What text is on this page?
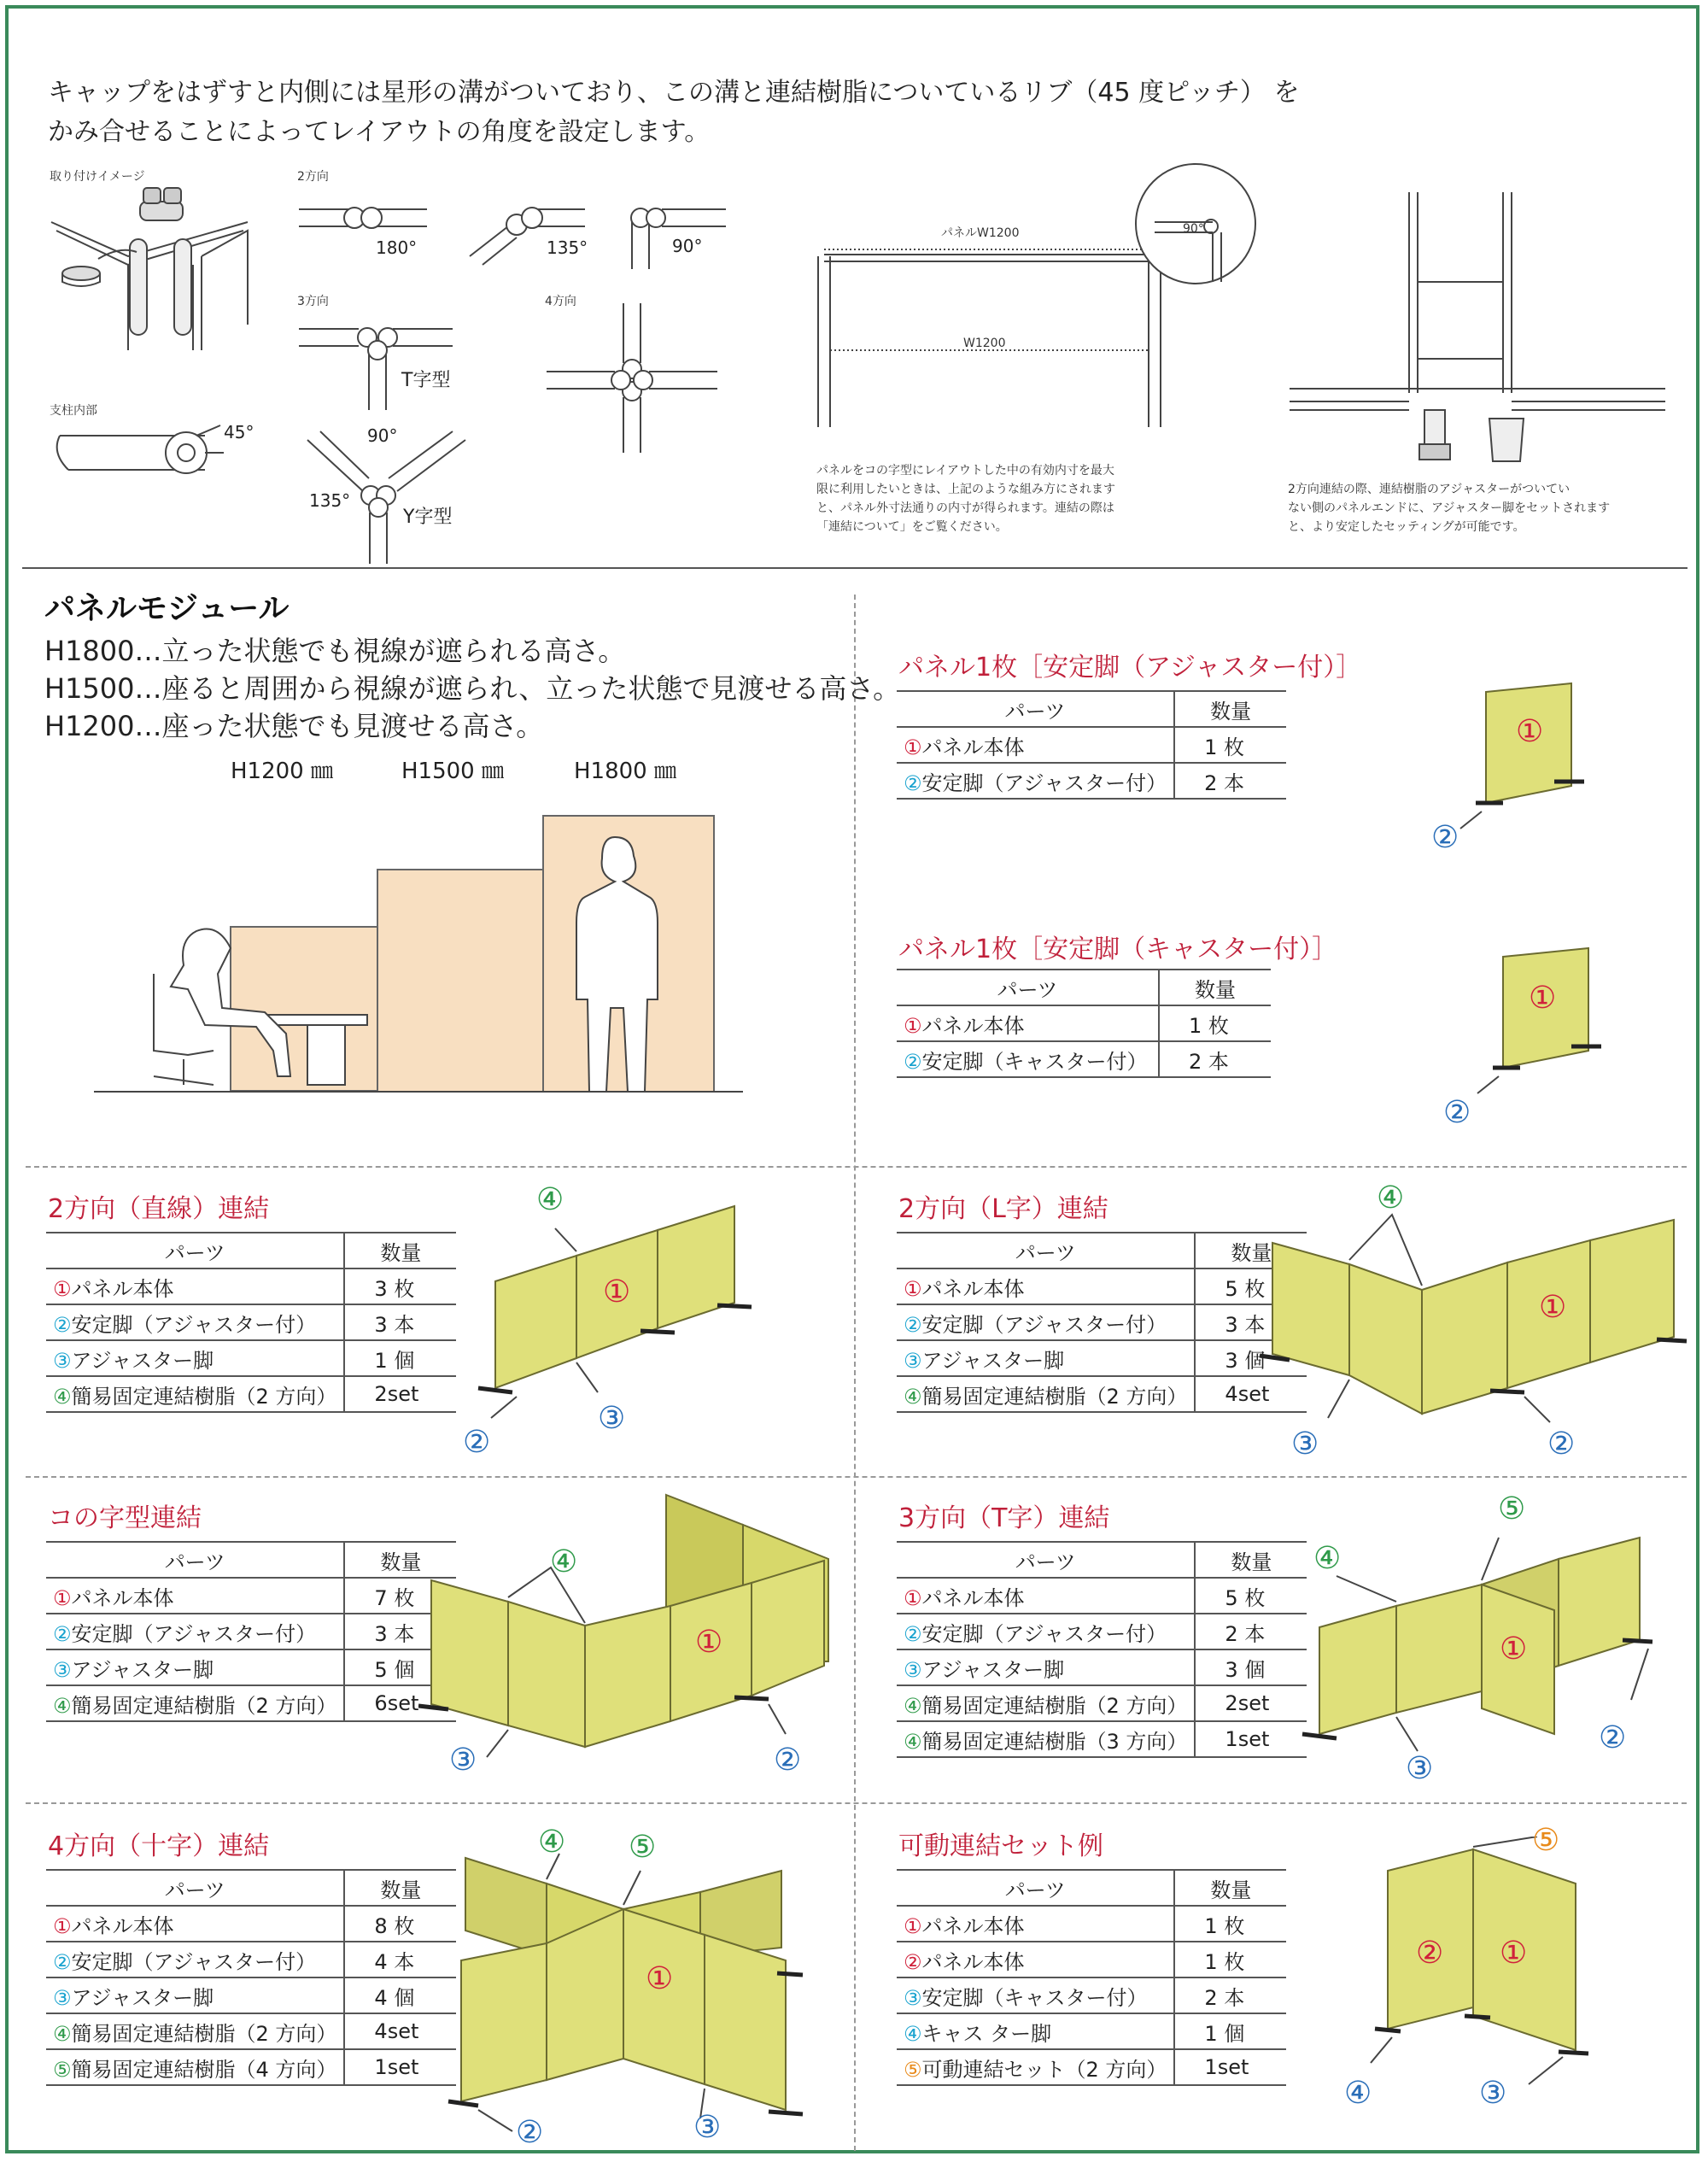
キャップをはずすと内側には星形の溝がついており、この溝と連結樹脂についているリブ（45 度ピッチ） を
かみ合せることによってレイアウトの角度を設定します。
取り付けイメージ	2方向
3方向	4方向
支柱内部
180°	135°	90°
45°
T字型
Y字型
90°
135°
パネルW1200
W1200
90°
パネルをコの字型にレイアウトした中の有効内寸を最大
限に利用したいときは、上記のような組み方にされます
と、パネル外寸法通りの内寸が得られます。連結の際は
「連結について」をご覧ください。
2方向連結の際、連結樹脂のアジャスターがついてい
ない側のパネルエンドに、アジャスター脚をセットされます
と、より安定したセッティングが可能です。
パネルモジュール
H1800…立った状態でも視線が遮られる高さ。
H1500…座ると周囲から視線が遮られ、立った状態で見渡せる高さ。
H1200…座った状態でも見渡せる高さ。
H1200 ㎜	H1500 ㎜	H1800 ㎜
パネル1枚［安定脚（アジャスター付）］
パーツ	数量
①パネル本体	1 枚
②安定脚（アジャスター付）	2 本
①
②
パネル1枚［安定脚（キャスター付）］
パーツ	数量
①パネル本体	1 枚
②安定脚（キャスター付）	2 本
①
②
2方向（直線）連結
パーツ	数量
①パネル本体	3 枚
②安定脚（アジャスター付）	3 本
③アジャスター脚	1 個
④簡易固定連結樹脂（2 方向）	2set
④
①
②
③
2方向（L字）連結
パーツ	数量
①パネル本体	5 枚
②安定脚（アジャスター付）	3 本
③アジャスター脚	3 個
④簡易固定連結樹脂（2 方向）	4set
④
①
③	②
コの字型連結
パーツ	数量
①パネル本体	7 枚
②安定脚（アジャスター付）	3 本
③アジャスター脚	5 個
④簡易固定連結樹脂（2 方向）	6set
④
①
③	②
3方向（T字）連結
パーツ	数量
①パネル本体	5 枚
②安定脚（アジャスター付）	2 本
③アジャスター脚	3 個
④簡易固定連結樹脂（2 方向）	2set
④簡易固定連結樹脂（3 方向）	1set
⑤
④
①
②
③
4方向（十字）連結
パーツ	数量
①パネル本体	8 枚
②安定脚（アジャスター付）	4 本
③アジャスター脚	4 個
④簡易固定連結樹脂（2 方向）	4set
⑤簡易固定連結樹脂（4 方向）	1set
④ ⑤
①
②	③
可動連結セット例
パーツ	数量
①パネル本体	1 枚
②パネル本体	1 枚
③安定脚（キャスター付）	2 本
④キャス ター脚	1 個
⑤可動連結セット（2 方向）	1set
⑤
② ①
④	③
